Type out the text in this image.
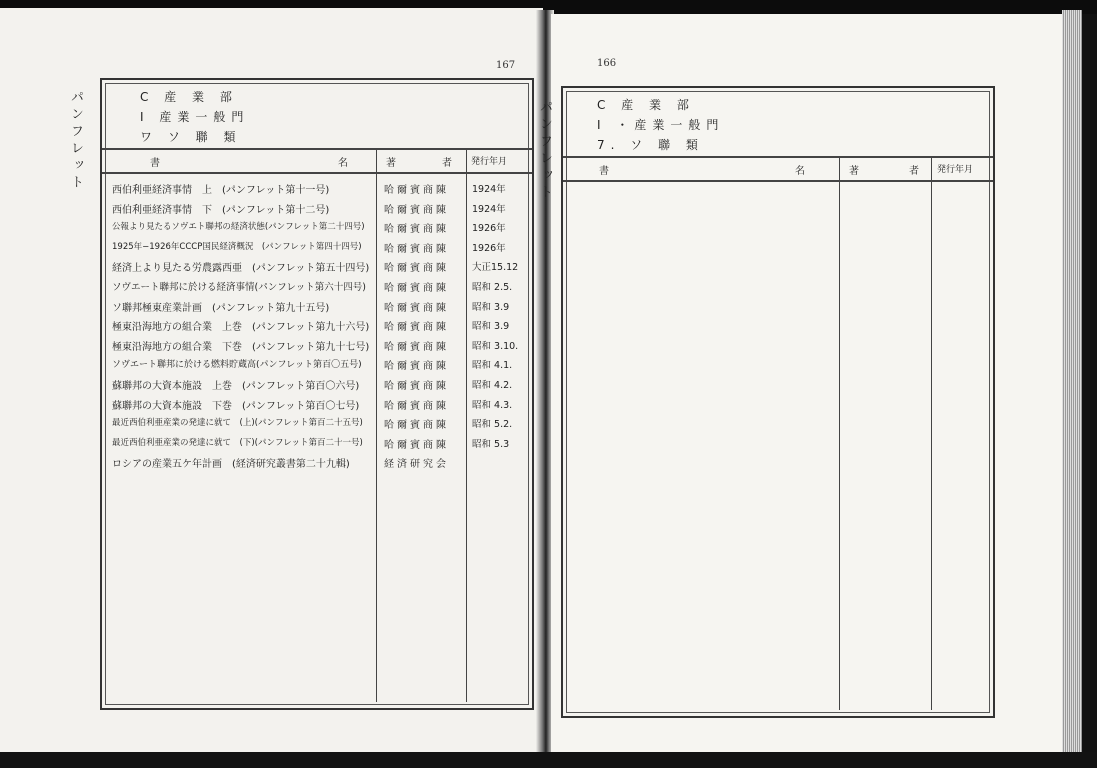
167
パンフレット	C 産 業 部
I 産業一般門
ワ ソ 聯 類
書	名	著	者 発行年月
西伯利亜経済事情　上　(パンフレット第十一号)	哈爾賓商陳 1924年
西伯利亜経済事情　下　(パンフレット第十二号)	哈爾賓商陳 1924年
公報より見たるソヴエト聯邦の経済状態(パンフレット第二十四号) 哈爾賓商陳 1926年
1925年−1926年CCCP国民経済概況　(パンフレット第四十四号) 哈爾賓商陳 1926年
経済上より見たる労農露西亜　(パンフレット第五十四号) 哈爾賓商陳 大正15.12
ソヴエート聯邦に於ける経済事情(パンフレット第六十四号) 哈爾賓商陳 昭和 2.5.
ソ聯邦極東産業計画　(パンフレット第九十五号)	哈爾賓商陳 昭和 3.9
極東沿海地方の組合業　上巻　(パンフレット第九十六号) 哈爾賓商陳 昭和 3.9
極東沿海地方の組合業　下巻　(パンフレット第九十七号) 哈爾賓商陳 昭和 3.10.
ソヴエート聯邦に於ける燃料貯蔵高(パンフレット第百〇五号) 哈爾賓商陳 昭和 4.1.
蘇聯邦の大資本施設　上巻　(パンフレット第百〇六号) 哈爾賓商陳 昭和 4.2.
蘇聯邦の大資本施設　下巻　(パンフレット第百〇七号) 哈爾賓商陳 昭和 4.3.
最近西伯利亜産業の発達に就て　(上)(パンフレット第百二十五号) 哈爾賓商陳 昭和 5.2.
最近西伯利亜産業の発達に就て　(下)(パンフレット第百二十一号) 哈爾賓商陳 昭和 5.3
ロシアの産業五ケ年計画　(経済研究叢書第二十九輯)	経済研究会
166
パンフレット	C 産 業 部
I ・産業一般門
7. ソ 聯 類
書	名	著	者 発行年月
